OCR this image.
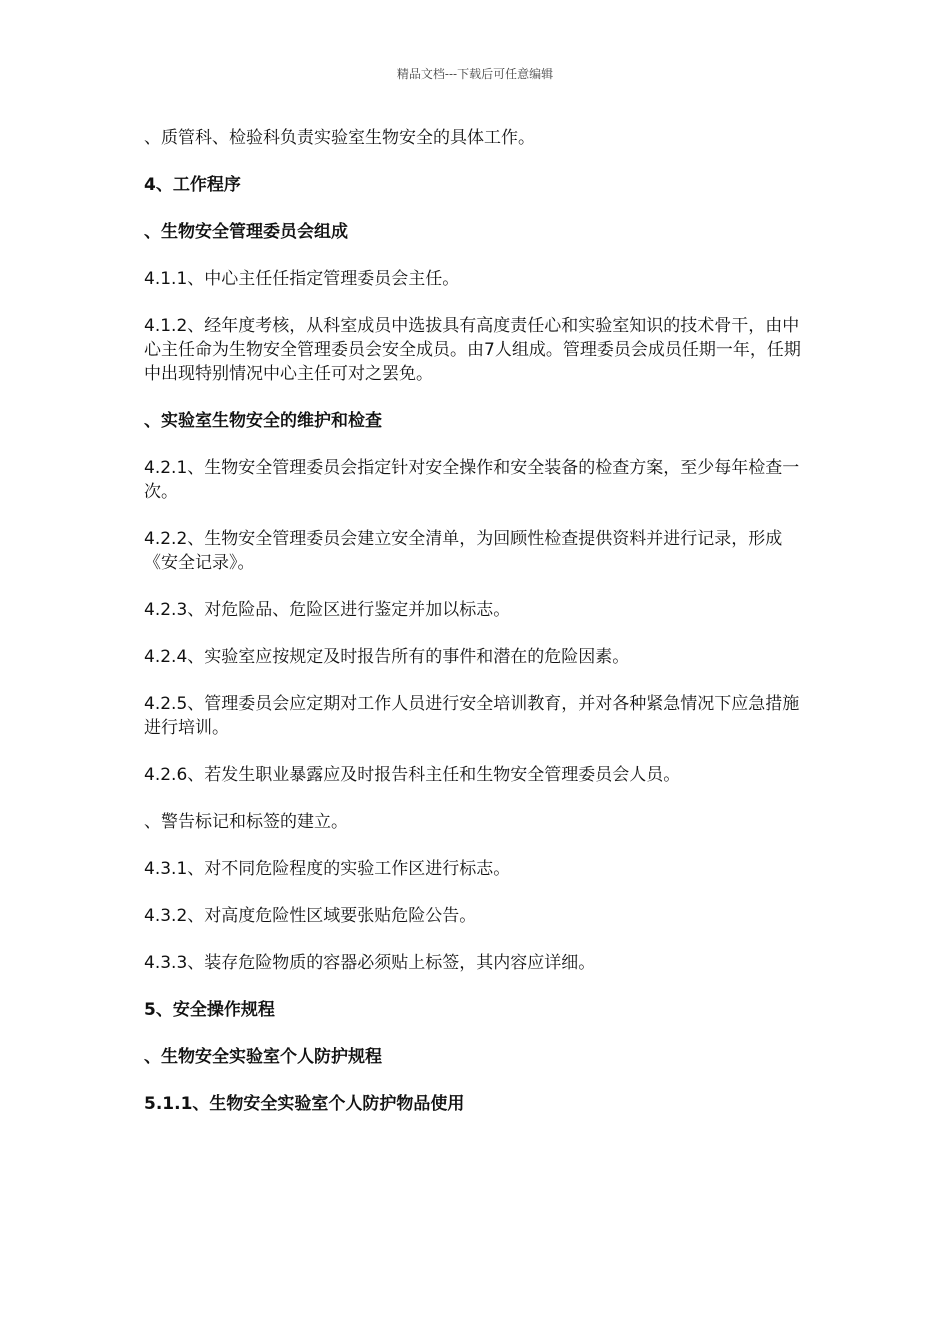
精品文档---下载后可任意编辑

、质管科、检验科负责实验室生物安全的具体工作。

4、工作程序

、生物安全管理委员会组成

4.1.1、中心主任任指定管理委员会主任。

4.1.2、经年度考核，从科室成员中选拔具有高度责任心和实验室知识的技术骨干，由中心主任命为生物安全管理委员会安全成员。由7人组成。管理委员会成员任期一年，任期中出现特别情况中心主任可对之罢免。

、实验室生物安全的维护和检查

4.2.1、生物安全管理委员会指定针对安全操作和安全装备的检查方案，至少每年检查一次。

4.2.2、生物安全管理委员会建立安全清单，为回顾性检查提供资料并进行记录，形成《安全记录》。

4.2.3、对危险品、危险区进行鉴定并加以标志。

4.2.4、实验室应按规定及时报告所有的事件和潜在的危险因素。

4.2.5、管理委员会应定期对工作人员进行安全培训教育，并对各种紧急情况下应急措施进行培训。

4.2.6、若发生职业暴露应及时报告科主任和生物安全管理委员会人员。

、警告标记和标签的建立。

4.3.1、对不同危险程度的实验工作区进行标志。

4.3.2、对高度危险性区域要张贴危险公告。

4.3.3、装存危险物质的容器必须贴上标签，其内容应详细。

5、安全操作规程

、生物安全实验室个人防护规程

5.1.1、生物安全实验室个人防护物品使用
